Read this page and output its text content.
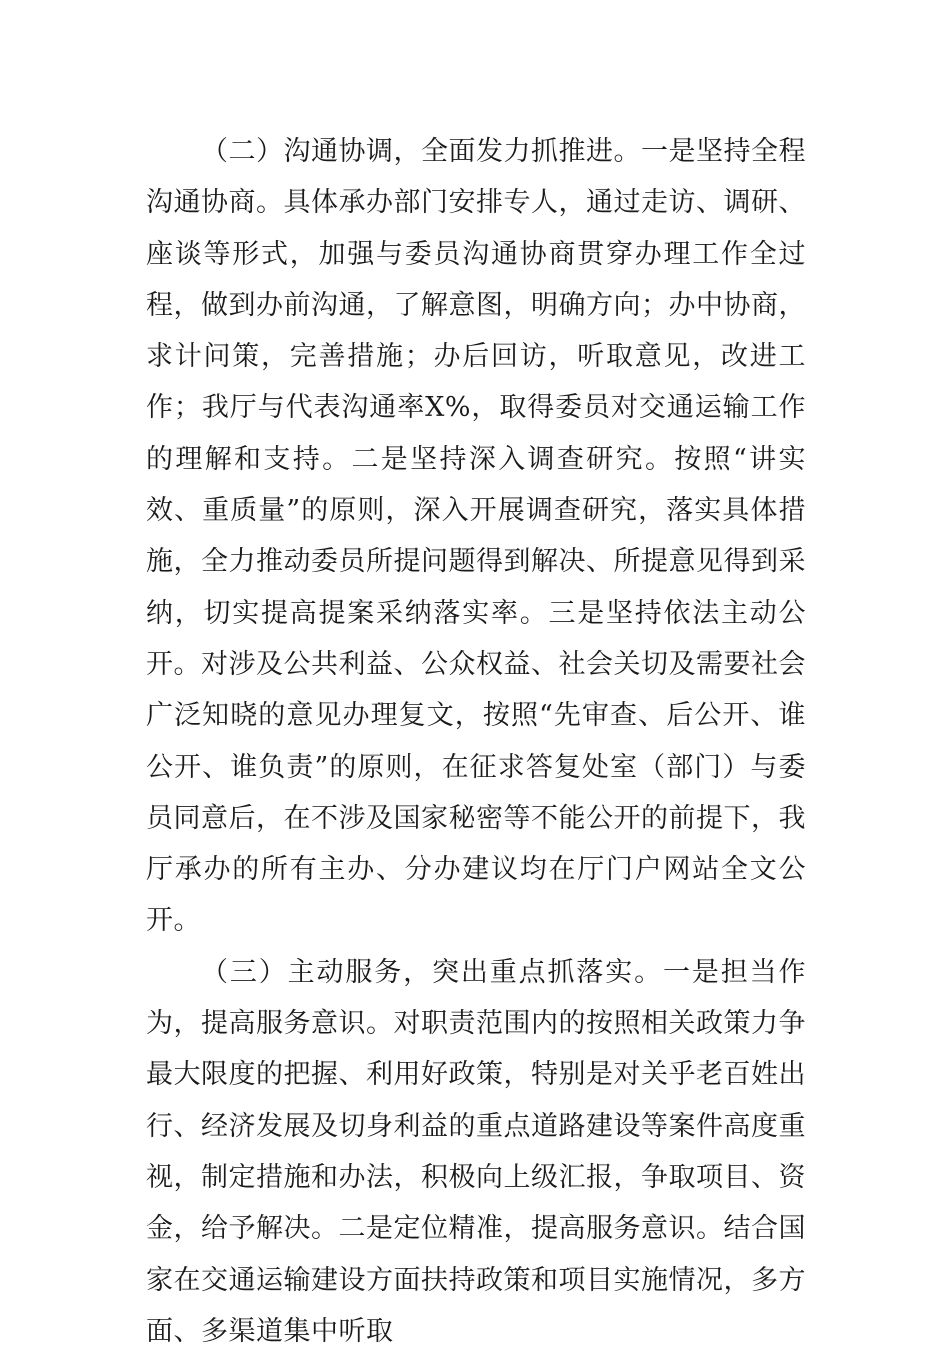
（二）沟通协调，全面发力抓推进。一是坚持全程沟通协商。具体承办部门安排专人，通过走访、调研、座谈等形式，加强与委员沟通协商贯穿办理工作全过程，做到办前沟通，了解意图，明确方向；办中协商，求计问策，完善措施；办后回访，听取意见，改进工作；我厅与代表沟通率X%，取得委员对交通运输工作的理解和支持。二是坚持深入调查研究。按照“讲实效、重质量”的原则，深入开展调查研究，落实具体措施，全力推动委员所提问题得到解决、所提意见得到采纳，切实提高提案采纳落实率。三是坚持依法主动公开。对涉及公共利益、公众权益、社会关切及需要社会广泛知晓的意见办理复文，按照“先审查、后公开、谁公开、谁负责”的原则，在征求答复处室（部门）与委员同意后，在不涉及国家秘密等不能公开的前提下，我厅承办的所有主办、分办建议均在厅门户网站全文公开。

（三）主动服务，突出重点抓落实。一是担当作为，提高服务意识。对职责范围内的按照相关政策力争最大限度的把握、利用好政策，特别是对关乎老百姓出行、经济发展及切身利益的重点道路建设等案件高度重视，制定措施和办法，积极向上级汇报，争取项目、资金，给予解决。二是定位精准，提高服务意识。结合国家在交通运输建设方面扶持政策和项目实施情况，多方面、多渠道集中听取
